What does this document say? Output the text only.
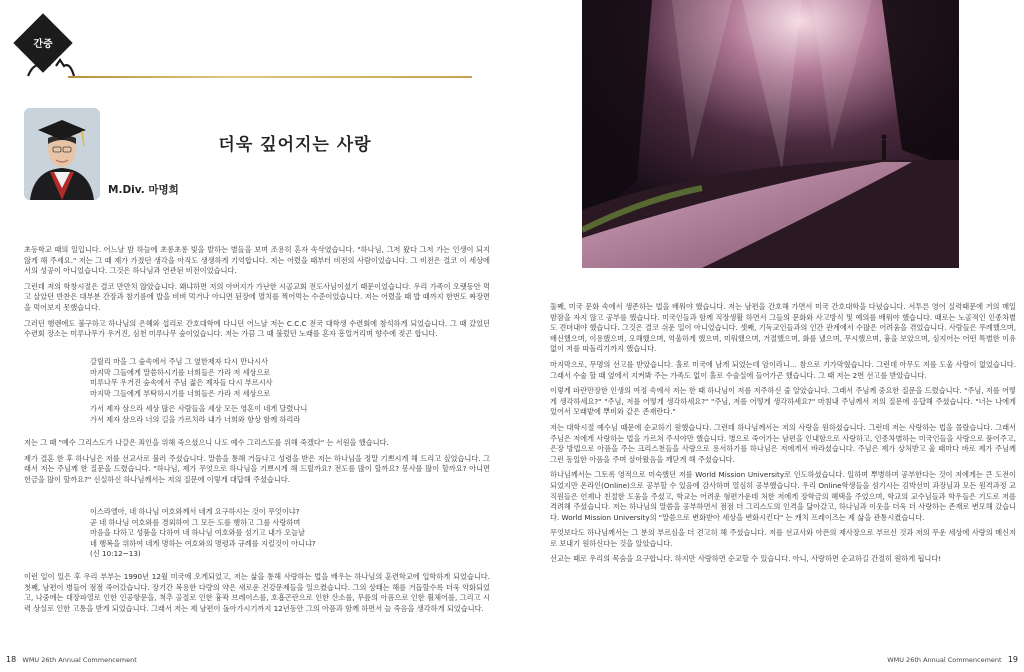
간증
더욱 깊어지는 사랑
M.Div. 마명희

초등학교 때의 일입니다. 어느날 밤 하늘에 초롱초롱 빛을 발하는 별들을 보며 조용히 혼자 속삭였습니다. "하나님, 그저 왔다 그저 가는 인생이 되지 않게 해 주세요." 저는 그 때 제가 가졌던 생각을 아직도 생생하게 기억합니다. 저는 어렸을 때부터 비전의 사람이었습니다. 그 비전은 결코 이 세상에서의 성공이 아니었습니다. 그것은 하나님과 연관된 비전이었습니다.

그런데 저의 학창시절은 결코 만만치 않았습니다. 왜냐하면 저의 아버지가 가난한 시골교회 전도사님이셨기 때문이었습니다. 우리 가족이 오랫동안 먹고 살았던 반찬은 대부분 간장과 참기름에 밥을 비벼 먹거나 아니면 된장에 멸치를 찍어먹는 수준이었습니다. 저는 어렸을 때 밥 때까지 한번도 짜장면을 먹어보지 못했습니다.

그러던 행렌에도 불구하고 하나님의 은혜와 섭리로 간호대학에 다니던 어느날 저는 C.C.C 전국 대학생 수련회에 참석하게 되었습니다. 그 때 갔었던 수련회 장소는 미루나무가 우거진, 심천 미루나무 숲이었습니다. 저는 가끔 그 때 불렀던 노래를 혼자 흥얼거리며 향수에 젖곤 합니다.

갈릴리 마을 그 숲속에서 주님 그 옆한제자 다시 만나시사
마지막 그들에게 말씀하시기를 너희들은 가라 저 세상으로
미루나무 우거진 숲속에서 주님 젊은 제자들 다시 부르시사
마지막 그들에게 부탁하시기를 너희들은 가라 저 세상으로
가서 제자 삼으라 세상 많은 사람들을 세상 모든 영혼이 네게 달렸나니
가서 제자 삼으라 너의 길을 가르치라 내가 너희와 항상 함께 하리라

저는 그 때 "예수 그리스도가 나갈은 죄인을 위해 죽으셨으니 나도 예수 그리스도를 위해 죽겠다" 는 서원을 했습니다.

제가 결혼 한 후 하나님은 저를 선교사로 불러 주셨습니다. 말씀을 통해 거듭나고 성령을 받은 저는 하나님을 정말 기쁘시게 해 드리고 싶었습니다. 그래서 저는 주님께 한 질문을 드렸습니다. "하나님, 제가 무엇으로 하나님을 기쁘시게 해 드릴까요? 전도를 많이 할까요? 봉사를 많이 할까요? 아니면 헌금을 많이 할까요?" 신실하신 하나님께서는 저의 질문에 이렇게 대답해 주셨습니다.

이스라엘아, 네 하나님 여호와께서 네게 요구하시는 것이 무엇이냐?
곧 네 하나님 여호와를 경외하여 그 모든 도를 행하고 그를 사랑하며
마음을 다하고 성품을 다하여 네 하나님 여호와를 섬기고 내가 오늘날
네 행복을 위하여 네게 명하는 여호와의 명령과 규례를 지킬것이 아니냐?
(신 10:12~13)

이런 일이 있은 후 우리 부부는 1990년 12월 미국에 오게되었고, 저는 삶을 통해 사랑하는 법을 배우는 하나님의 훈련학교에 입학하게 되었습니다. 첫째, 남편이 병들어 점점 죽어갔습니다. 장기간 복용한 다량의 약은 새로운 건강문제들을 일으켰습니다. 그의 상태는 해를 거듭할수록 더욱 악화되었고, 나중에는 대장파열로 인한 인공항문을, 척추 골절로 인한 흉곽 브레이스를, 호흡곤란으로 인한 산소를, 무릎의 아픔으로 인한 휠체어를, 그리고 시력 상실로 인한 고통을 받게 되었습니다. 그래서 저는 제 남편이 돌아가시기까지 12년동안 그의 아픔과 함께 하면서 늘 죽음을 생각하게 되었습니다.

18 WMU 26th Annual Commencement

둘째, 미국 문화 속에서 생존하는 법을 배워야 했습니다. 저는 남편을 간호해 가면서 미국 간호대학을 다녔습니다. 서투른 영어 실력때문에 거의 매일 밤잠을 자지 않고 공부를 했습니다. 미국인들과 함께 직장생활 하면서 그들의 문화와 사고방식 및 예의를 배워야 했습니다. 때로는 노골적인 인종차별도 견뎌내야 했습니다. 그것은 결코 쉬운 일이 아니었습니다. 셋째, 기독교인들과의 인간 관계에서 수많은 어려움을 겪었습니다. 사람들은 무례했으며, 배신했으며, 이용했으며, 오해했으며, 억울하게 했으며, 미워했으며, 거절했으며, 화를 냈으며, 무시했으며, 흉을 보았으며, 심지어는 어떤 특별한 이유없이 저를 따돌리기까지 했습니다.

마지막으로, 무명의 선고를 받았습니다. 홀로 미국에 남게 되었는데 암이라니… 참으로 기가막혔습니다. 그런데 아무도 저를 도울 사람이 없었습니다. 그래서 수술 할 때 옆에서 지켜봐 주는 가족도 없이 홀로 수술실에 들어가곤 했습니다. 그 때 저는 2번 선고를 받았습니다.

이렇게 파란만장한 인생의 여정 속에서 저는 한 때 하나님이 저를 저주하신 줄 알았습니다. 그래서 주님께 중요한 질문을 드렸습니다. "주님, 저를 어떻게 생각하세요?" "주님, 저를 어떻게 생각하세요?" "주님, 저를 어떻게 생각하세요?" 마침내 주님께서 저의 질문에 응답해 주셨습니다. "너는 나에게 있어서 모래밭에 뿌비와 같은 존재란다."

저는 대학시절 예수님 때문에 순교하기 원했습니다. 그런데 하나님께서는 저의 사랑을 원하셨습니다. 그런데 저는 사랑하는 법을 몰랐습니다. 그래서 주님은 저에게 사랑하는 법을 가르쳐 주셔야만 했습니다. 병으로 죽어가는 남편을 인내함으로 사랑하고, 인종차별하는 미국인들을 사랑으로 품어주고, 은장 방법으로 아픔을 주는 크리스천들을 사랑으로 용서하기를 하나님은 저에게서 바라셨습니다. 주님은 제가 상처받고 울 때마다 바로 제가 주님께 그런 동일한 아픔을 주며 살아왔음을 깨닫게 해 주셨습니다.

하나님께서는 그토록 영적으로 미숙했던 저를 World Mission University로 인도하셨습니다. 일하며 뿌병하며 공부한다는 것이 저에게는 큰 도전이 되었지만 온라인(Online)으로 공부할 수 있음에 감사하며 열심히 공부했습니다. 우리 Online학생들을 섬기시는 김박선미 과장님과 모든 원격과정 교직원들은 언제나 친절한 도움을 주셨고, 학교는 어려운 형편가운데 처한 저에게 장학금의 혜택을 주었으며, 학교의 교수님들과 학우들은 기도로 저를 격려해 주셨습니다. 저는 하나님의 말씀을 공부하면서 점점 더 그리스도의 인격을 닮아갔고, 하나님과 이웃을 더욱 더 사랑하는 존재로 변모해 갔습니다. World Mission University의 "말씀으로 변화받아 세상을 변화시킨다" 는 캐치 프레이즈는 제 삶을 관통시켰습니다.

무엇보다도 하나님께서는 그 분의 부르심을 더 견고히 해 주셨습니다. 저를 선교사와 아픈의 제사장으로 부르신 것과 저의 무운 세상에 사랑의 메신저로 보내기 원하신다는 것을 알았습니다.

선교는 때로 우리의 목숨을 요구합니다. 하지만 사랑하면 순교할 수 있습니다. 아니, 사랑하면 순교하길 간절히 원하게 됩니다!

WMU 26th Annual Commencement 19
